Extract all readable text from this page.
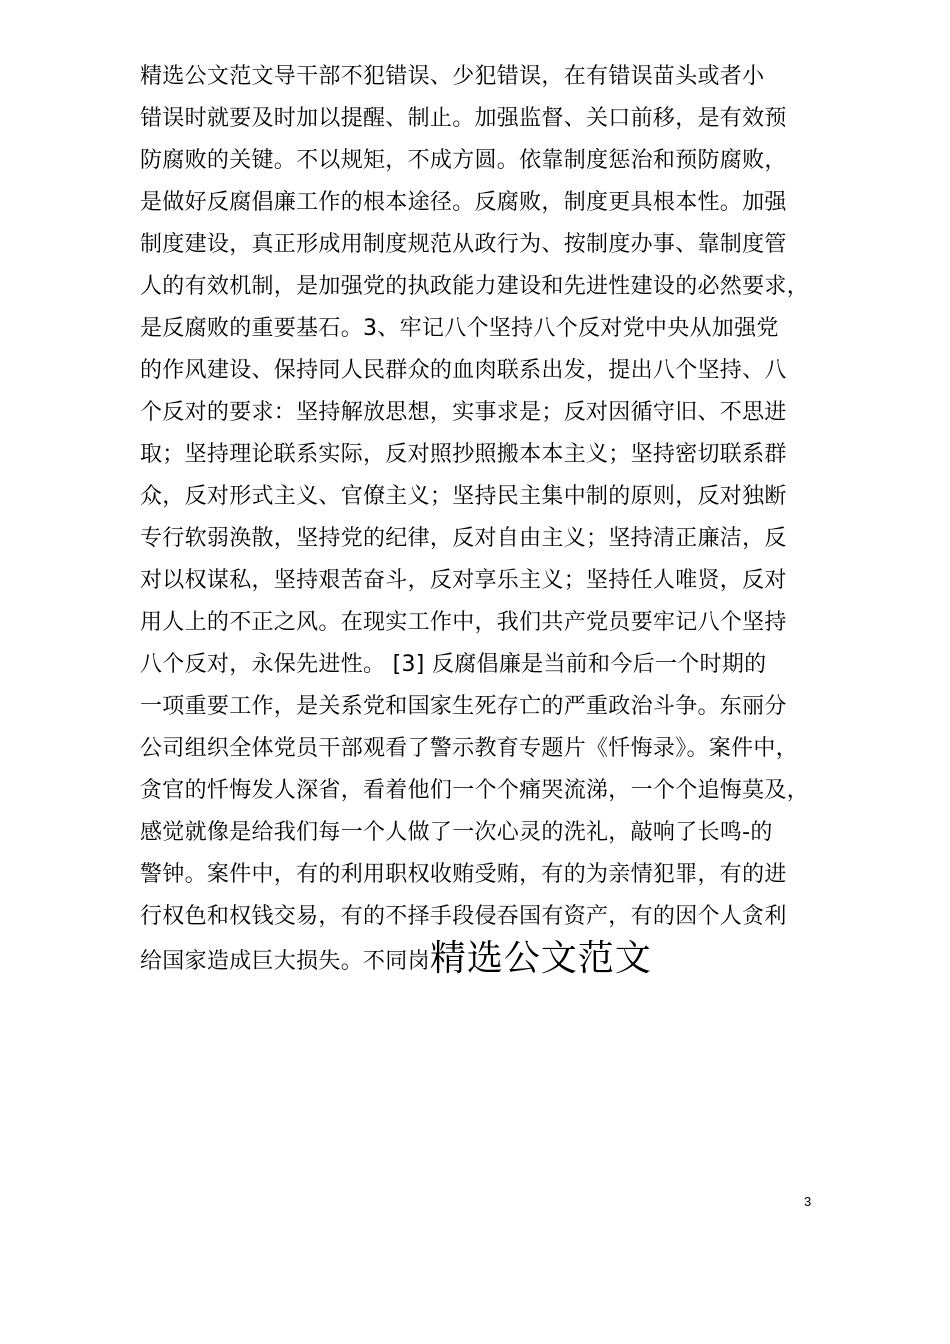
精选公文范文导干部不犯错误、少犯错误，在有错误苗头或者小
错误时就要及时加以提醒、制止。加强监督、关口前移，是有效预
防腐败的关键。不以规矩，不成方圆。依靠制度惩治和预防腐败，
是做好反腐倡廉工作的根本途径。反腐败，制度更具根本性。加强
制度建设，真正形成用制度规范从政行为、按制度办事、靠制度管
人的有效机制，是加强党的执政能力建设和先进性建设的必然要求，
是反腐败的重要基石。3、牢记八个坚持八个反对党中央从加强党
的作风建设、保持同人民群众的血肉联系出发，提出八个坚持、八
个反对的要求：坚持解放思想，实事求是；反对因循守旧、不思进
取；坚持理论联系实际，反对照抄照搬本本主义；坚持密切联系群
众，反对形式主义、官僚主义；坚持民主集中制的原则，反对独断
专行软弱涣散，坚持党的纪律，反对自由主义；坚持清正廉洁，反
对以权谋私，坚持艰苦奋斗，反对享乐主义；坚持任人唯贤，反对
用人上的不正之风。在现实工作中，我们共产党员要牢记八个坚持
八个反对，永保先进性。 [3] 反腐倡廉是当前和今后一个时期的
一项重要工作，是关系党和国家生死存亡的严重政治斗争。东丽分
公司组织全体党员干部观看了警示教育专题片《忏悔录》。案件中，
贪官的忏悔发人深省，看着他们一个个痛哭流涕，一个个追悔莫及，
感觉就像是给我们每一个人做了一次心灵的洗礼，敲响了长鸣-的
警钟。案件中，有的利用职权收贿受贿，有的为亲情犯罪，有的进
行权色和权钱交易，有的不择手段侵吞国有资产，有的因个人贪利
给国家造成巨大损失。不同岗精选公文范文
3
